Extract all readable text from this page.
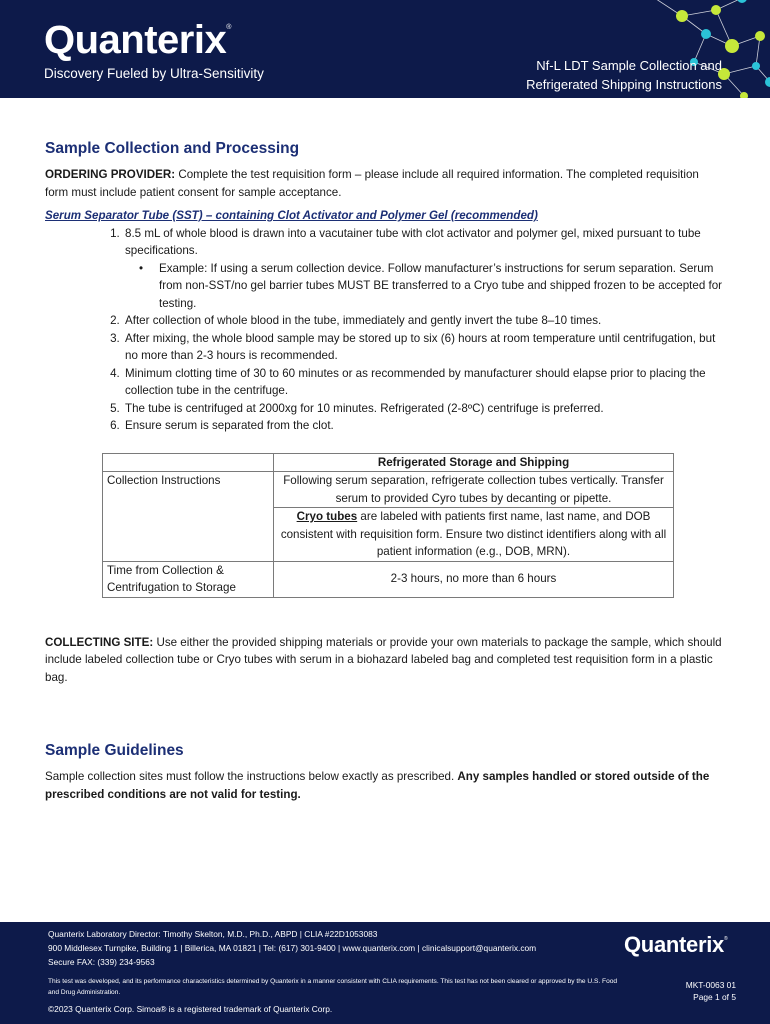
Quanterix®
Discovery Fueled by Ultra-Sensitivity
Nf-L LDT Sample Collection and
Refrigerated Shipping Instructions
Sample Collection and Processing

ORDERING PROVIDER: Complete the test requisition form – please include all required information. The completed requisition form must include patient consent for sample acceptance.

Serum Separator Tube (SST) – containing Clot Activator and Polymer Gel (recommended)
1. 8.5 mL of whole blood is drawn into a vacutainer tube with clot activator and polymer gel, mixed pursuant to tube specifications.
• Example: If using a serum collection device. Follow manufacturer’s instructions for serum separation. Serum from non-SST/no gel barrier tubes MUST BE transferred to a Cryo tube and shipped frozen to be accepted for testing.
2. After collection of whole blood in the tube, immediately and gently invert the tube 8–10 times.
3. After mixing, the whole blood sample may be stored up to six (6) hours at room temperature until centrifugation, but no more than 2-3 hours is recommended.
4. Minimum clotting time of 30 to 60 minutes or as recommended by manufacturer should elapse prior to placing the collection tube in the centrifuge.
5. The tube is centrifuged at 2000xg for 10 minutes. Refrigerated (2-8ºC) centrifuge is preferred.
6. Ensure serum is separated from the clot.
	Refrigerated Storage and Shipping
Collection Instructions	Following serum separation, refrigerate collection tubes vertically. Transfer serum to provided Cyro tubes by decanting or pipette.
Cryo tubes are labeled with patients first name, last name, and DOB consistent with requisition form. Ensure two distinct identifiers along with all patient information (e.g., DOB, MRN).

Time from Collection & Centrifugation to Storage	2-3 hours, no more than 6 hours

COLLECTING SITE: Use either the provided shipping materials or provide your own materials to package the sample, which should include labeled collection tube or Cryo tubes with serum in a biohazard labeled bag and completed test requisition form in a plastic bag.

Sample Guidelines

Sample collection sites must follow the instructions below exactly as prescribed. Any samples handled or stored outside of the prescribed conditions are not valid for testing.

Quanterix Laboratory Director: Timothy Skelton, M.D., Ph.D., ABPD | CLIA #22D1053083
900 Middlesex Turnpike, Building 1 | Billerica, MA 01821 | Tel: (617) 301-9400 | www.quanterix.com | clinicalsupport@quanterix.com
Secure FAX: (339) 234-9563
This test was developed, and its performance characteristics determined by Quanterix in a manner consistent with CLIA requirements. This test has not been cleared or approved by the U.S. Food and Drug Administration.
©2023 Quanterix Corp. Simoa® is a registered trademark of Quanterix Corp.
Quanterix®
MKT-0063 01
Page 1 of 5
